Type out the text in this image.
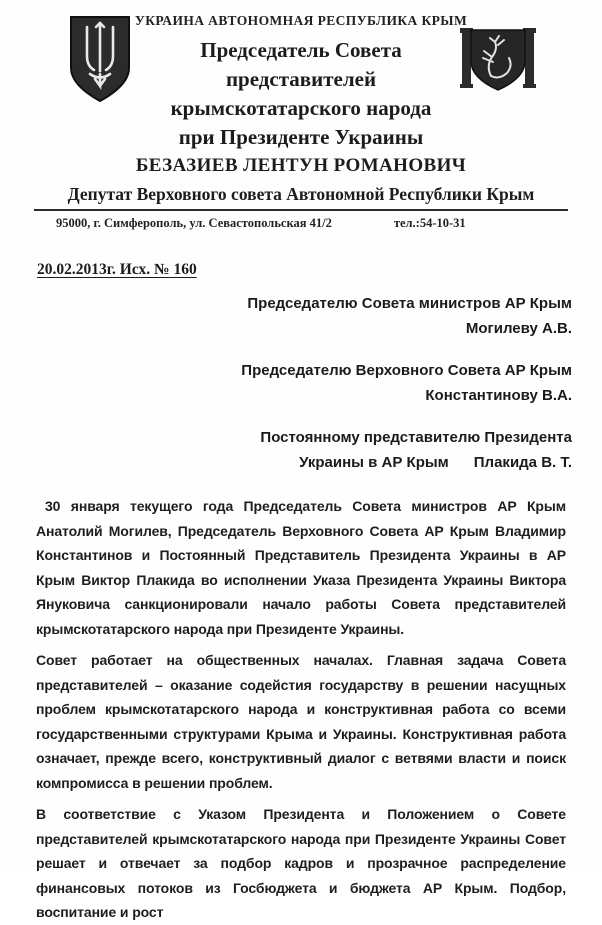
УКРАИНА АВТОНОМНАЯ РЕСПУБЛИКА КРЫМ
Председатель Совета
представителей
крымскотатарского народа
при Президенте Украины
БЕЗАЗИЕВ ЛЕНТУН РОМАНОВИЧ
Депутат Верховного совета Автономной Республики Крым
95000, г. Симферополь, ул. Севастопольская 41/2	тел.:54-10-31
20.02.2013г. Исх. № 160
Председателю Совета министров АР Крым
Могилеву А.В.
Председателю Верховного Совета АР Крым
Константинову В.А.
Постоянному представителю Президента
Украины в АР Крым      Плакида В. Т.

30 января текущего года Председатель Совета министров АР Крым Анатолий Могилев, Председатель Верховного Совета АР Крым Владимир Константинов и Постоянный Представитель Президента Украины в АР Крым Виктор Плакида во исполнении Указа Президента Украины Виктора Януковича санкционировали начало работы Совета представителей крымскотатарского народа при Президенте Украины.

Совет работает на общественных началах. Главная задача Совета представителей – оказание содейстия государству в решении насущных проблем крымскотатарского народа и конструктивная работа со всеми государственными структурами Крыма и Украины. Конструктивная работа означает, прежде всего, конструктивный диалог с ветвями власти и поиск компромисса в решении проблем.

В соответствие с Указом Президента и Положением о Совете представителей крымскотатарского народа при Президенте Украины Совет решает и отвечает за подбор кадров и прозрачное распределение финансовых потоков из Госбюджета и бюджета АР Крым. Подбор, воспитание и рост
